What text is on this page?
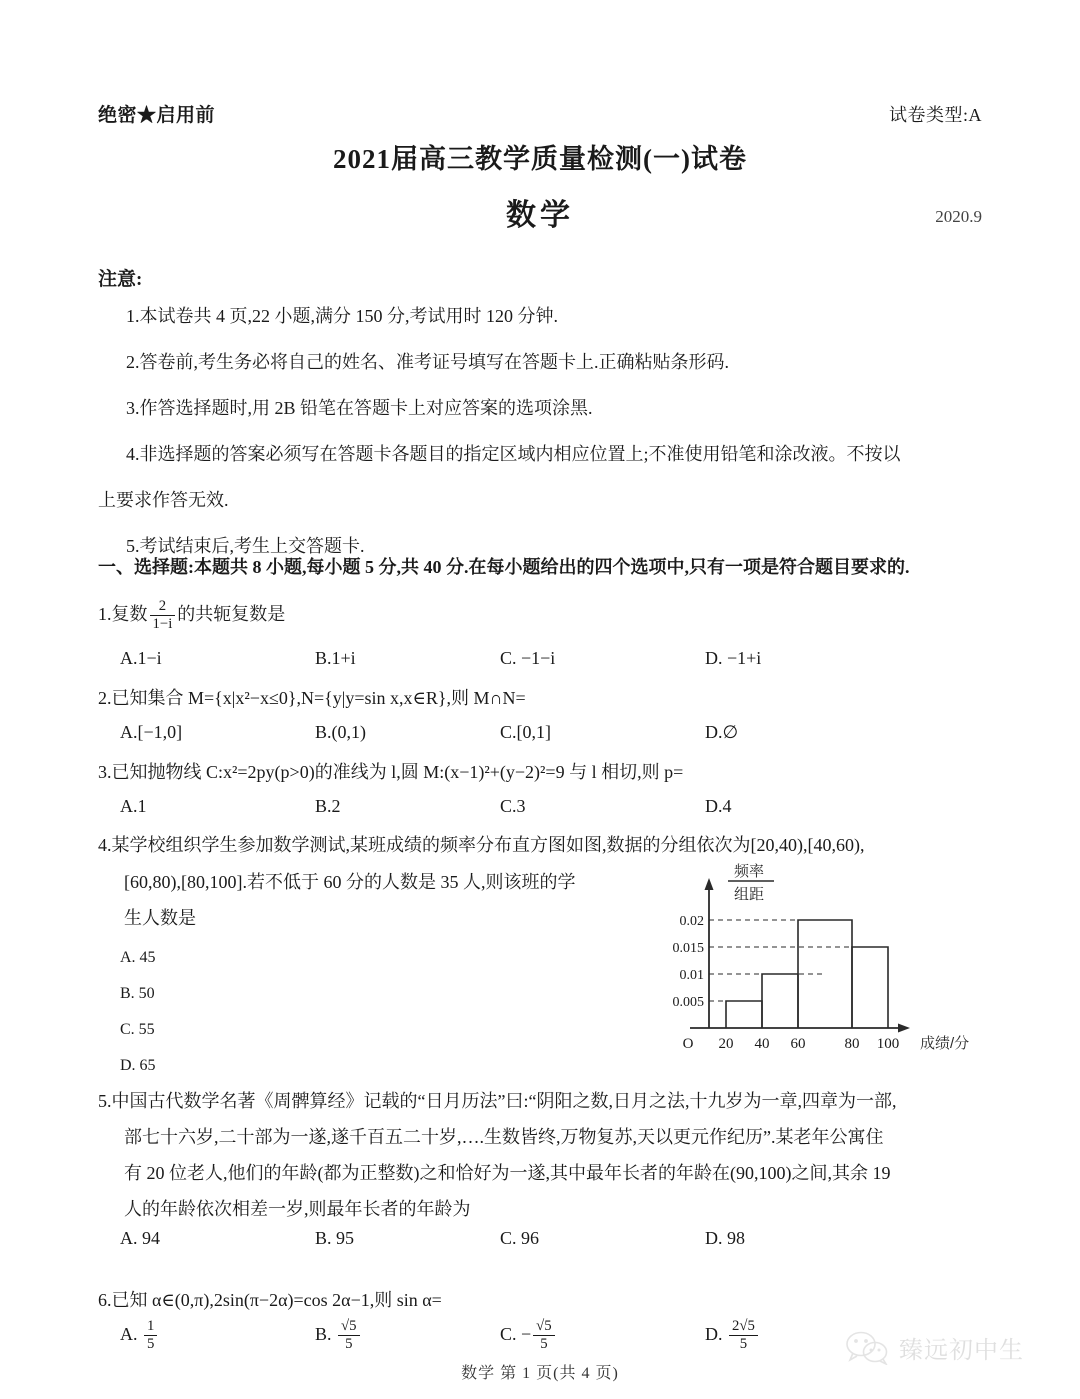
绝密★启用前	试卷类型:A
2021届高三教学质量检测(一)试卷
数学	2020.9
注意:
1.本试卷共 4 页,22 小题,满分 150 分,考试用时 120 分钟.
2.答卷前,考生务必将自己的姓名、准考证号填写在答题卡上.正确粘贴条形码.
3.作答选择题时,用 2B 铅笔在答题卡上对应答案的选项涂黑.
4.非选择题的答案必须写在答题卡各题目的指定区域内相应位置上;不准使用铅笔和涂改液。不按以
上要求作答无效.
5.考试结束后,考生上交答题卡.
一、选择题:本题共 8 小题,每小题 5 分,共 40 分.在每小题给出的四个选项中,只有一项是符合题目要求的.
1.复数 $\frac{2}{1-i}$ 的共轭复数是
A.1−i	B.1+i	C. −1−i	D. −1+i
2.已知集合 M={x|x²−x≤0},N={y|y=sin x,x∈R},则 M∩N=
A.[−1,0]	B.(0,1)	C.[0,1]	D.∅
3.已知抛物线 C:x²=2py(p>0)的准线为 l,圆 M:(x−1)²+(y−2)²=9 与 l 相切,则 p=
A.1	B.2	C.3	D.4
4.某学校组织学生参加数学测试,某班成绩的频率分布直方图如图,数据的分组依次为[20,40),[40,60),
[60,80),[80,100].若不低于 60 分的人数是 35 人,则该班的学
生人数是
A. 45
B. 50
C. 55
D. 65
频率
组距
0.02
0.015
0.01
0.005
O 20 40 60	80 100 成绩/分
5.中国古代数学名著《周髀算经》记载的“日月历法”曰:“阴阳之数,日月之法,十九岁为一章,四章为一部,
部七十六岁,二十部为一遂,遂千百五二十岁,….生数皆终,万物复苏,天以更元作纪历”.某老年公寓住
有 20 位老人,他们的年龄(都为正整数)之和恰好为一遂,其中最年长者的年龄在(90,100)之间,其余 19
人的年龄依次相差一岁,则最年长者的年龄为
A. 94	B. 95	C. 96	D. 98
6.已知 α∈(0,π),2sin(π−2α)=cos 2α−1,则 sin α=
A. $\frac{1}{5}$	B. $\frac{√5}{5}$	C. − $\frac{√5}{5}$	D. $\frac{2√5}{5}$
数学 第 1 页(共 4 页)
臻远初中生
